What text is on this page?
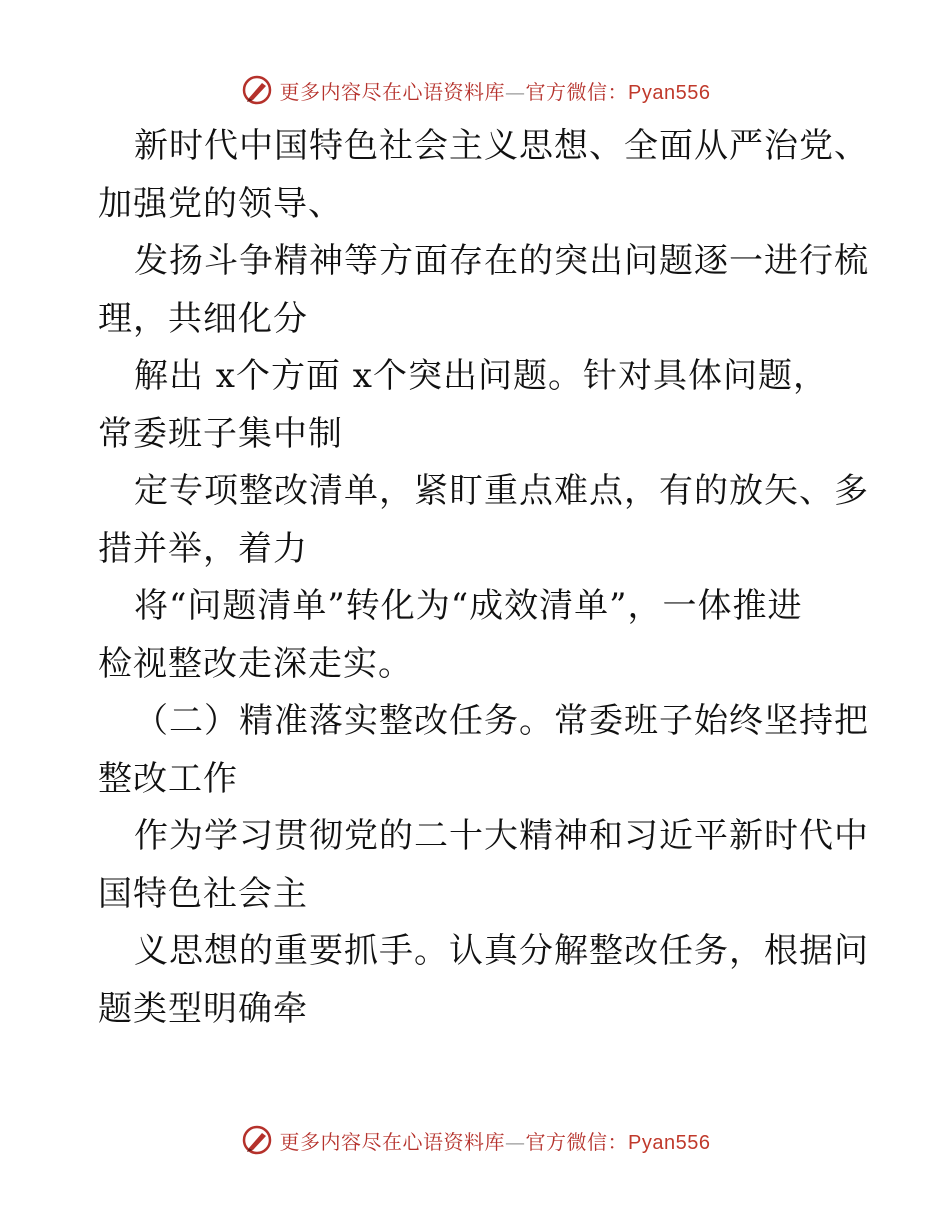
更多内容尽在心语资料库—官方微信：Pyan556
新时代中国特色社会主义思想、全面从严治党、
加强党的领导、
发扬斗争精神等方面存在的突出问题逐一进行梳
理，共细化分
解出 x个方面 x个突出问题。针对具体问题，
常委班子集中制
定专项整改清单，紧盯重点难点，有的放矢、多
措并举，着力
将“问题清单”转化为“成效清单”，一体推进
检视整改走深走实。
（二）精准落实整改任务。常委班子始终坚持把
整改工作
作为学习贯彻党的二十大精神和习近平新时代中
国特色社会主
义思想的重要抓手。认真分解整改任务，根据问
题类型明确牵
更多内容尽在心语资料库—官方微信：Pyan556
